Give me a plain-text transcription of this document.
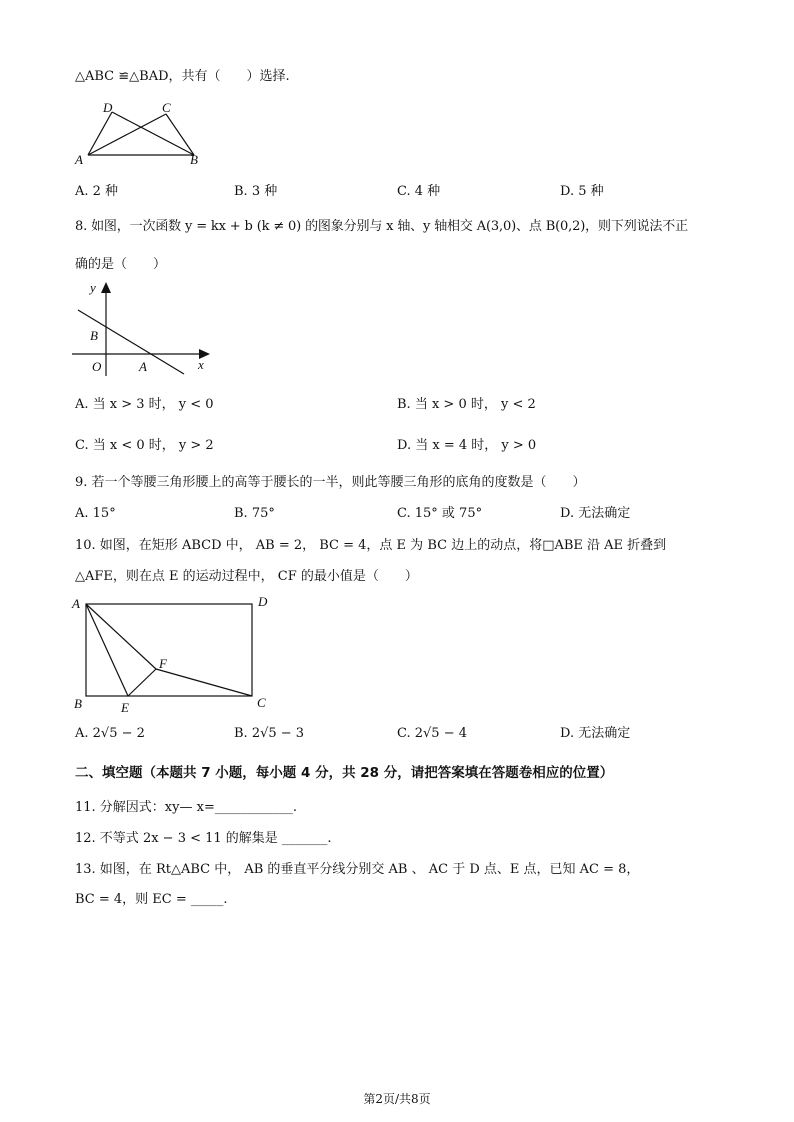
△ABC ≌△BAD，共有（　　）选择.
A	B
C
D
A. 2 种	B. 3 种	C. 4 种	D. 5 种
8. 如图，一次函数 y = kx + b (k ≠ 0) 的图象分别与 x 轴、y 轴相交 A(3,0)、点 B(0,2)，则下列说法不正
确的是（　　）
y
x
B
O	A
A. 当 x > 3 时， y < 0	B. 当 x > 0 时， y < 2
C. 当 x < 0 时， y > 2	D. 当 x = 4 时， y > 0
9. 若一个等腰三角形腰上的高等于腰长的一半，则此等腰三角形的底角的度数是（　　）
A. 15°	B. 75°	C. 15° 或 75°	D. 无法确定
10. 如图，在矩形 ABCD 中， AB = 2， BC = 4，点 E 为 BC 边上的动点，将□ABE 沿 AE 折叠到
△AFE，则在点 E 的运动过程中， CF 的最小值是（　　）
A	D
F
B	E	C
A. 2√5 − 2	B. 2√5 − 3	C. 2√5 − 4	D. 无法确定
二、填空题（本题共 7 小题，每小题 4 分，共 28 分，请把答案填在答题卷相应的位置）
11. 分解因式：xy— x=____________.
12. 不等式 2x − 3 < 11 的解集是 _______.
13. 如图，在 Rt△ABC 中， AB 的垂直平分线分别交 AB 、 AC 于 D 点、E 点，已知 AC = 8，
BC = 4，则 EC = _____.
第2页/共8页
